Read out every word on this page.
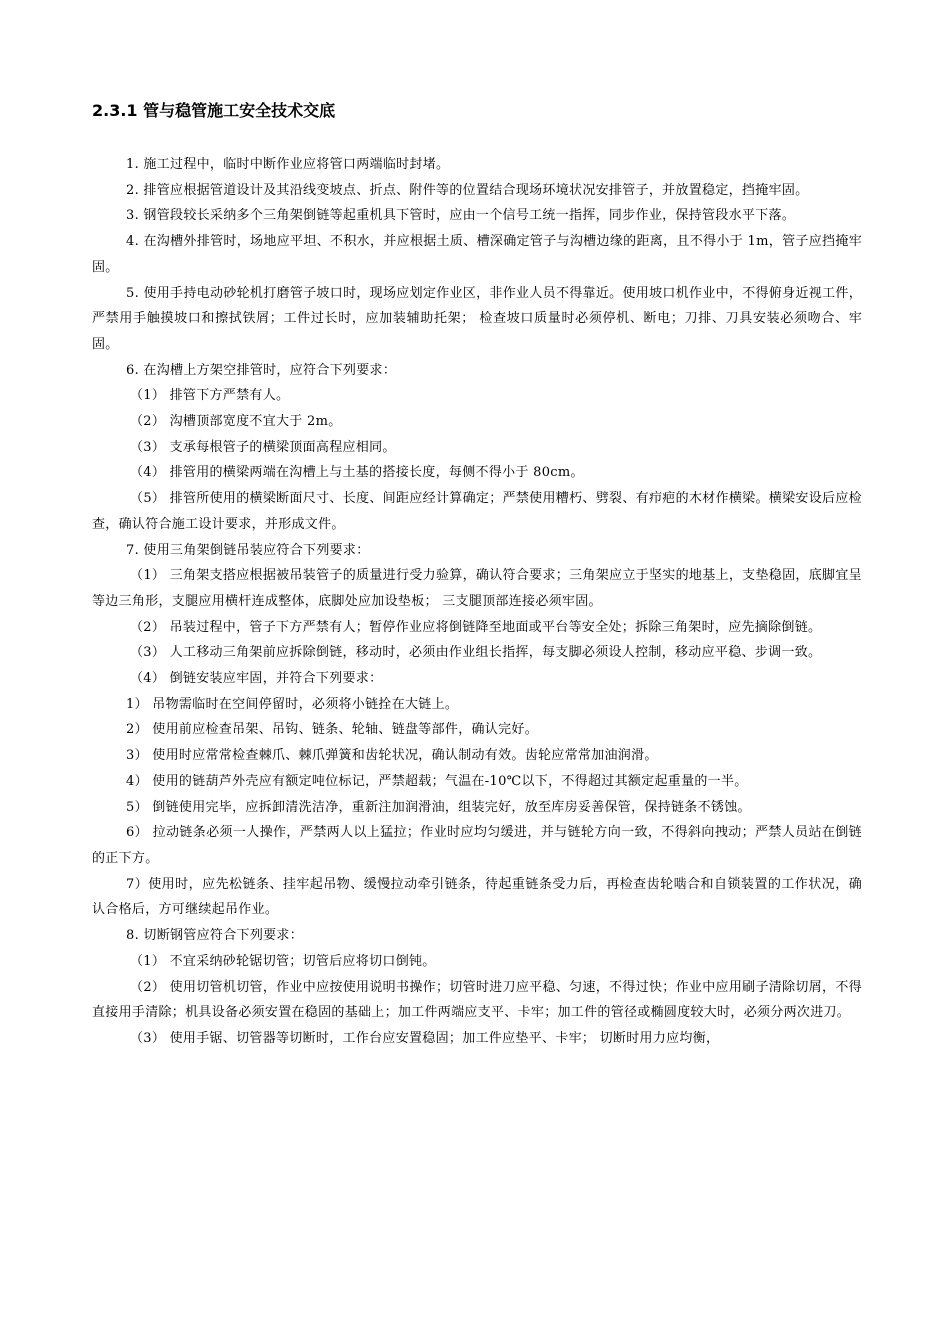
2.3.1 管与稳管施工安全技术交底

1. 施工过程中，临时中断作业应将管口两端临时封堵。

2. 排管应根据管道设计及其沿线变坡点、折点、附件等的位置结合现场环境状况安排管子，并放置稳定，挡掩牢固。

3. 钢管段较长采纳多个三角架倒链等起重机具下管时，应由一个信号工统一指挥，同步作业，保持管段水平下落。

4. 在沟槽外排管时，场地应平坦、不积水，并应根据土质、槽深确定管子与沟槽边缘的距离，且不得小于 1m，管子应挡掩牢固。

5. 使用手持电动砂轮机打磨管子坡口时，现场应划定作业区，非作业人员不得靠近。使用坡口机作业中，不得俯身近视工件，严禁用手触摸坡口和擦拭铁屑；工件过长时，应加装辅助托架； 检查坡口质量时必须停机、断电；刀排、刀具安装必须吻合、牢固。

6. 在沟槽上方架空排管时，应符合下列要求：

（1） 排管下方严禁有人。

（2） 沟槽顶部宽度不宜大于 2m。

（3） 支承每根管子的横梁顶面高程应相同。

（4） 排管用的横梁两端在沟槽上与土基的搭接长度，每侧不得小于 80cm。

（5） 排管所使用的横梁断面尺寸、长度、间距应经计算确定；严禁使用糟朽、劈裂、有疖疤的木材作横梁。横梁安设后应检查，确认符合施工设计要求，并形成文件。

7. 使用三角架倒链吊装应符合下列要求：

（1） 三角架支搭应根据被吊装管子的质量进行受力验算，确认符合要求；三角架应立于坚实的地基上，支垫稳固，底脚宜呈等边三角形，支腿应用横杆连成整体，底脚处应加设垫板； 三支腿顶部连接必须牢固。

（2） 吊装过程中，管子下方严禁有人；暂停作业应将倒链降至地面或平台等安全处；拆除三角架时，应先摘除倒链。

（3） 人工移动三角架前应拆除倒链，移动时，必须由作业组长指挥，每支脚必须设人控制，移动应平稳、步调一致。

（4） 倒链安装应牢固，并符合下列要求：

1） 吊物需临时在空间停留时，必须将小链拴在大链上。

2） 使用前应检查吊架、吊钩、链条、轮轴、链盘等部件，确认完好。

3） 使用时应常常检查棘爪、棘爪弹簧和齿轮状况，确认制动有效。齿轮应常常加油润滑。

4） 使用的链葫芦外壳应有额定吨位标记，严禁超载；气温在-10℃以下，不得超过其额定起重量的一半。

5） 倒链使用完毕，应拆卸清洗洁净，重新注加润滑油，组装完好，放至库房妥善保管，保持链条不锈蚀。

6） 拉动链条必须一人操作，严禁两人以上猛拉；作业时应均匀缓进，并与链轮方向一致，不得斜向拽动；严禁人员站在倒链的正下方。

7）使用时，应先松链条、挂牢起吊物、缓慢拉动牵引链条，待起重链条受力后，再检查齿轮啮合和自锁装置的工作状况，确认合格后，方可继续起吊作业。

8. 切断钢管应符合下列要求：

（1） 不宜采纳砂轮锯切管；切管后应将切口倒钝。

（2） 使用切管机切管，作业中应按使用说明书操作；切管时进刀应平稳、匀速，不得过快；作业中应用刷子清除切屑，不得直接用手清除；机具设备必须安置在稳固的基础上；加工件两端应支平、卡牢；加工件的管径或椭圆度较大时，必须分两次进刀。

（3） 使用手锯、切管器等切断时，工作台应安置稳固；加工件应垫平、卡牢； 切断时用力应均衡，
